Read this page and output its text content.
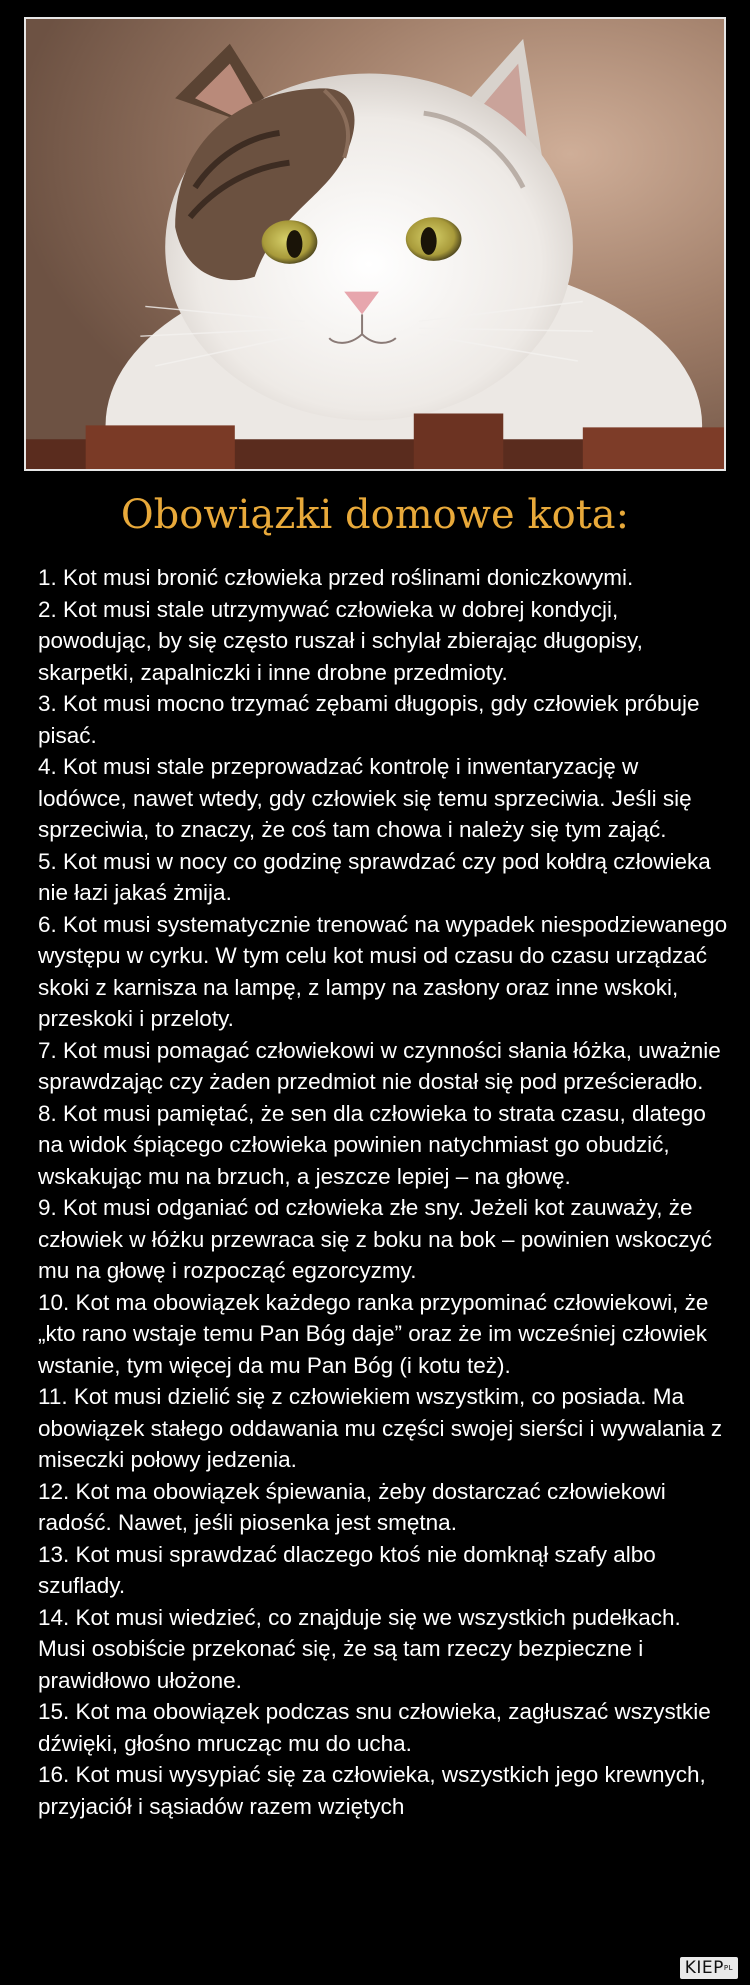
Obowiązki domowe kota:
1. Kot musi bronić człowieka przed roślinami doniczkowymi.
2. Kot musi stale utrzymywać człowieka w dobrej kondycji, powodując, by się często ruszał i schylał zbierając długopisy, skarpetki, zapalniczki i inne drobne przedmioty.
3. Kot musi mocno trzymać zębami długopis, gdy człowiek próbuje pisać.
4. Kot musi stale przeprowadzać kontrolę i inwentaryzację w lodówce, nawet wtedy, gdy człowiek się temu sprzeciwia. Jeśli się sprzeciwia, to znaczy, że coś tam chowa i należy się tym zająć.
5. Kot musi w nocy co godzinę sprawdzać czy pod kołdrą człowieka nie łazi jakaś żmija.
6. Kot musi systematycznie trenować na wypadek niespodziewanego występu w cyrku. W tym celu kot musi od czasu do czasu urządzać skoki z karnisza na lampę, z lampy na zasłony oraz inne wskoki, przeskoki i przeloty.
7. Kot musi pomagać człowiekowi w czynności słania łóżka, uważnie sprawdzając czy żaden przedmiot nie dostał się pod prześcieradło.
8. Kot musi pamiętać, że sen dla człowieka to strata czasu, dlatego na widok śpiącego człowieka powinien natychmiast go obudzić, wskakując mu na brzuch, a jeszcze lepiej – na głowę.
9. Kot musi odganiać od człowieka złe sny. Jeżeli kot zauważy, że człowiek w łóżku przewraca się z boku na bok – powinien wskoczyć mu na głowę i rozpocząć egzorcyzmy.
10. Kot ma obowiązek każdego ranka przypominać człowiekowi, że „kto rano wstaje temu Pan Bóg daje” oraz że im wcześniej człowiek wstanie, tym więcej da mu Pan Bóg (i kotu też).
11. Kot musi dzielić się z człowiekiem wszystkim, co posiada. Ma obowiązek stałego oddawania mu części swojej sierści i wywalania z miseczki połowy jedzenia.
12. Kot ma obowiązek śpiewania, żeby dostarczać człowiekowi radość. Nawet, jeśli piosenka jest smętna.
13. Kot musi sprawdzać dlaczego ktoś nie domknął szafy albo szuflady.
14. Kot musi wiedzieć, co znajduje się we wszystkich pudełkach. Musi osobiście przekonać się, że są tam rzeczy bezpieczne i prawidłowo ułożone.
15. Kot ma obowiązek podczas snu człowieka, zagłuszać wszystkie dźwięki, głośno mrucząc mu do ucha.
16. Kot musi wysypiać się za człowieka, wszystkich jego krewnych, przyjaciół i sąsiadów razem wziętych
$KIEP^{PL}$
